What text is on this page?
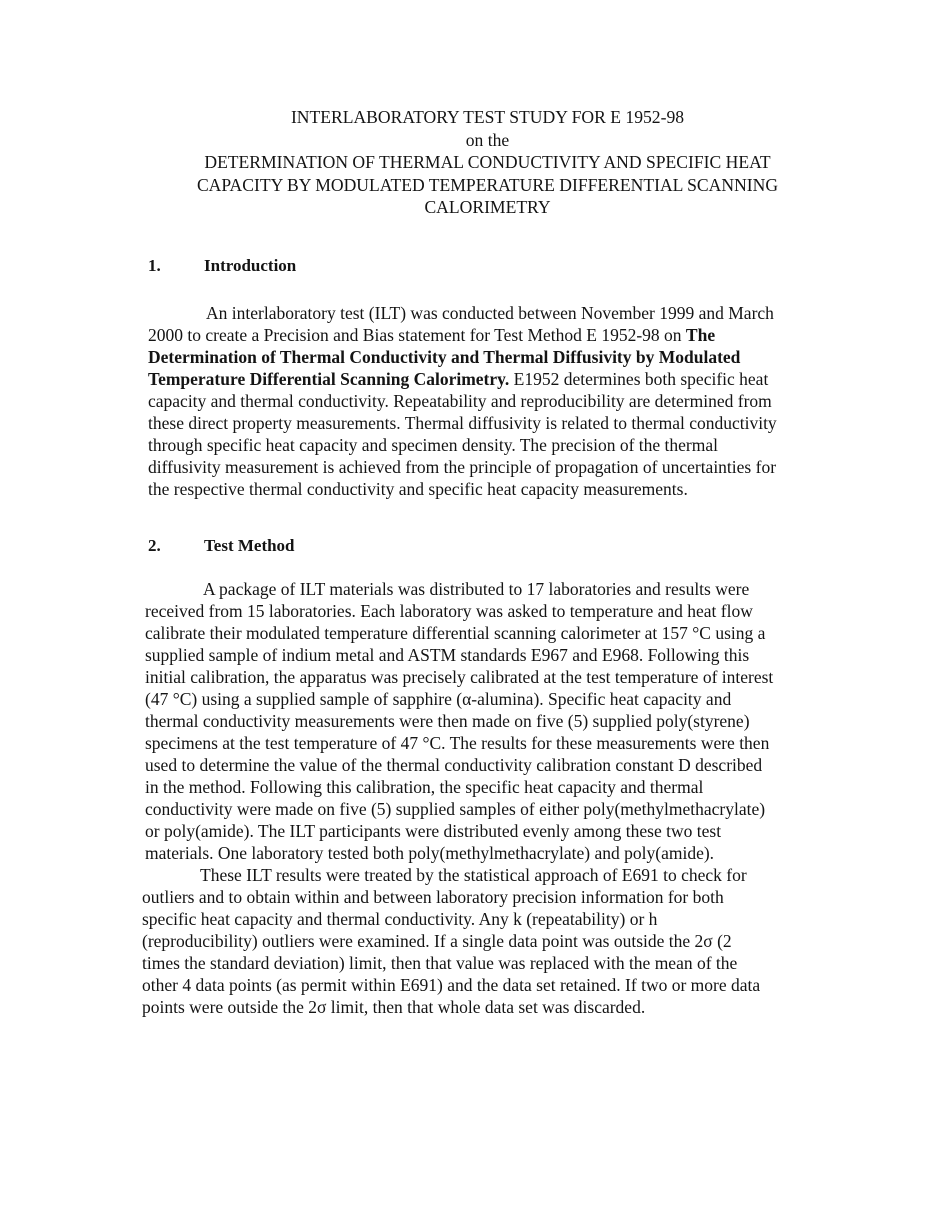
INTERLABORATORY TEST STUDY FOR E 1952-98
on the
DETERMINATION OF THERMAL CONDUCTIVITY AND SPECIFIC HEAT
CAPACITY BY MODULATED TEMPERATURE DIFFERENTIAL SCANNING
CALORIMETRY
1.	Introduction
An interlaboratory test (ILT) was conducted between November 1999 and March
2000 to create a Precision and Bias statement for Test Method E 1952-98 on The
Determination of Thermal Conductivity and Thermal Diffusivity by Modulated
Temperature Differential Scanning Calorimetry. E1952 determines both specific heat
capacity and thermal conductivity. Repeatability and reproducibility are determined from
these direct property measurements. Thermal diffusivity is related to thermal conductivity
through specific heat capacity and specimen density. The precision of the thermal
diffusivity measurement is achieved from the principle of propagation of uncertainties for
the respective thermal conductivity and specific heat capacity measurements.
2.	Test Method
A package of ILT materials was distributed to 17 laboratories and results were
received from 15 laboratories. Each laboratory was asked to temperature and heat flow
calibrate their modulated temperature differential scanning calorimeter at 157 °C using a
supplied sample of indium metal and ASTM standards E967 and E968. Following this
initial calibration, the apparatus was precisely calibrated at the test temperature of interest
(47 °C) using a supplied sample of sapphire (α-alumina). Specific heat capacity and
thermal conductivity measurements were then made on five (5) supplied poly(styrene)
specimens at the test temperature of 47 °C. The results for these measurements were then
used to determine the value of the thermal conductivity calibration constant D described
in the method. Following this calibration, the specific heat capacity and thermal
conductivity were made on five (5) supplied samples of either poly(methylmethacrylate)
or poly(amide). The ILT participants were distributed evenly among these two test
materials. One laboratory tested both poly(methylmethacrylate) and poly(amide).
These ILT results were treated by the statistical approach of E691 to check for
outliers and to obtain within and between laboratory precision information for both
specific heat capacity and thermal conductivity. Any k (repeatability) or h
(reproducibility) outliers were examined. If a single data point was outside the 2σ (2
times the standard deviation) limit, then that value was replaced with the mean of the
other 4 data points (as permit within E691) and the data set retained. If two or more data
points were outside the 2σ limit, then that whole data set was discarded.
